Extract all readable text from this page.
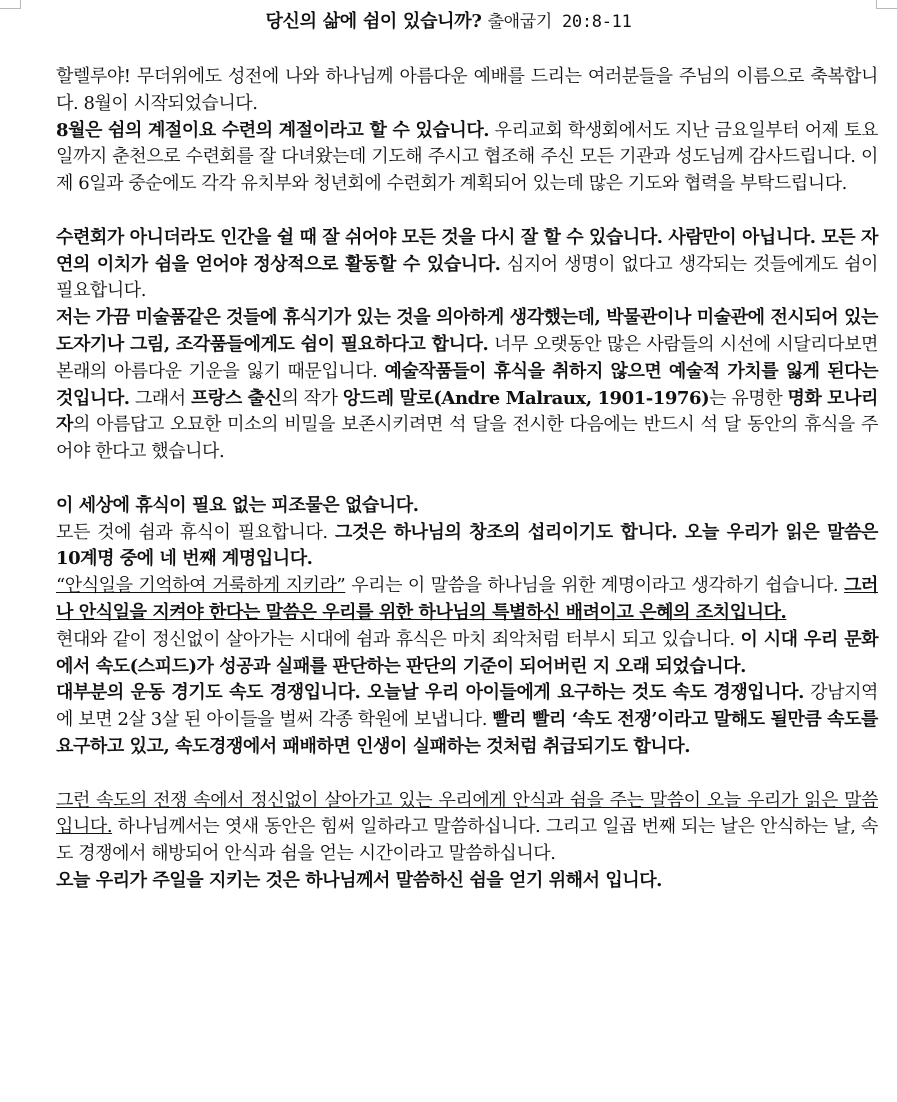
당신의 삶에 쉼이 있습니까? 출애굽기 20:8-11

할렐루야! 무더위에도 성전에 나와 하나님께 아름다운 예배를 드리는 여러분들을 주님의 이름으로 축복합니다. 8월이 시작되었습니다.

8월은 쉼의 계절이요 수련의 계절이라고 할 수 있습니다. 우리교회 학생회에서도 지난 금요일부터 어제 토요일까지 춘천으로 수련회를 잘 다녀왔는데 기도해 주시고 협조해 주신 모든 기관과 성도님께 감사드립니다. 이제 6일과 중순에도 각각 유치부와 청년회에 수련회가 계획되어 있는데 많은 기도와 협력을 부탁드립니다.

수련회가 아니더라도 인간을 쉴 때 잘 쉬어야 모든 것을 다시 잘 할 수 있습니다. 사람만이 아닙니다. 모든 자연의 이치가 쉼을 얻어야 정상적으로 활동할 수 있습니다. 심지어 생명이 없다고 생각되는 것들에게도 쉼이 필요합니다.

저는 가끔 미술품같은 것들에 휴식기가 있는 것을 의아하게 생각했는데, 박물관이나 미술관에 전시되어 있는 도자기나 그림, 조각품들에게도 쉼이 필요하다고 합니다. 너무 오랫동안 많은 사람들의 시선에 시달리다보면 본래의 아름다운 기운을 잃기 때문입니다. 예술작품들이 휴식을 취하지 않으면 예술적 가치를 잃게 된다는 것입니다. 그래서 프랑스 출신의 작가 앙드레 말로(Andre Malraux, 1901-1976)는 유명한 명화 모나리자의 아름답고 오묘한 미소의 비밀을 보존시키려면 석 달을 전시한 다음에는 반드시 석 달 동안의 휴식을 주어야 한다고 했습니다.

이 세상에 휴식이 필요 없는 피조물은 없습니다.

모든 것에 쉼과 휴식이 필요합니다. 그것은 하나님의 창조의 섭리이기도 합니다. 오늘 우리가 읽은 말씀은 10계명 중에 네 번째 계명입니다.

“안식일을 기억하여 거룩하게 지키라” 우리는 이 말씀을 하나님을 위한 계명이라고 생각하기 쉽습니다. 그러나 안식일을 지켜야 한다는 말씀은 우리를 위한 하나님의 특별하신 배려이고 은혜의 조치입니다.

현대와 같이 정신없이 살아가는 시대에 쉼과 휴식은 마치 죄악처럼 터부시 되고 있습니다. 이 시대 우리 문화에서 속도(스피드)가 성공과 실패를 판단하는 판단의 기준이 되어버린 지 오래 되었습니다.

대부분의 운동 경기도 속도 경쟁입니다. 오늘날 우리 아이들에게 요구하는 것도 속도 경쟁입니다. 강남지역에 보면 2살 3살 된 아이들을 벌써 각종 학원에 보냅니다. 빨리 빨리 ‘속도 전쟁’이라고 말해도 될만큼 속도를 요구하고 있고, 속도경쟁에서 패배하면 인생이 실패하는 것처럼 취급되기도 합니다.

그런 속도의 전쟁 속에서 정신없이 살아가고 있는 우리에게 안식과 쉼을 주는 말씀이 오늘 우리가 읽은 말씀입니다. 하나님께서는 엿새 동안은 힘써 일하라고 말씀하십니다. 그리고 일곱 번째 되는 날은 안식하는 날, 속도 경쟁에서 해방되어 안식과 쉼을 얻는 시간이라고 말씀하십니다.

오늘 우리가 주일을 지키는 것은 하나님께서 말씀하신 쉼을 얻기 위해서 입니다.
